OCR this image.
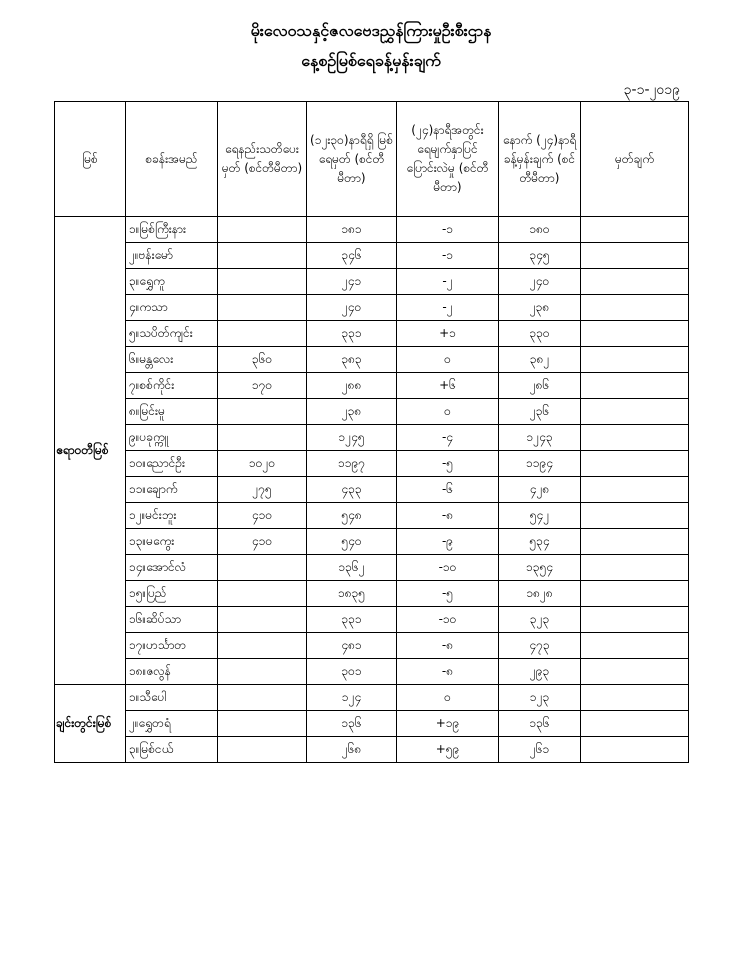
မိုးလေဝသနှင့်ဇလဗေဒညွှန်ကြားမှုဦးစီးဌာန
နေ့စဉ်မြစ်ရေခန့်မှန်းချက်
၃-၁-၂၀၁၉
မြစ်	စခန်းအမည်	ရေနည်းသတိပေးမှတ် (စင်တီမီတာ)	(၁၂း၃၀)နာရီရှိ မြစ်ရေမှတ် (စင်တီမီတာ)	(၂၄)နာရီအတွင်း ရေမျက်နှာပြင် ပြောင်းလဲမှု (စင်တီမီတာ)	နောက် (၂၄)နာရီ ခန့်မှန်းချက် (စင်တီမီတာ)	မှတ်ချက်
ဧရာဝတီမြစ်	၁။မြစ်ကြီးနား		၁၈၁	-၁	၁၈၀	
	၂။ဗန်းမော်		၃၄၆	-၁	၃၄၅	
	၃။ရွှေကူ		၂၄၁	-၂	၂၄၀	
	၄။ကသာ		၂၄၀	-၂	၂၃၈	
	၅။သပိတ်ကျင်း		၃၃၁	+၁	၃၃၀	
	၆။မန္တလေး	၃၆၀	၃၈၃	၀	၃၈၂	
	၇။စစ်ကိုင်း	၁၇၀	၂၈၈	+၆	၂၈၆	
	၈။မြင်းမူ		၂၃၈	၀	၂၃၆	
	၉။ပခုက္ကူ		၁၂၄၅	-၄	၁၂၄၃	
	၁၀။ညောင်ဦး	၁၀၂၀	၁၁၉၇	-၅	၁၁၉၄	
	၁၁။ချောက်	၂၇၅	၄၃၃	-၆	၄၂၈	
	၁၂။မင်းဘူး	၄၁၀	၅၄၈	-၈	၅၄၂	
	၁၃။မကွေး	၄၁၀	၅၄၀	-၉	၅၃၄	
	၁၄။အောင်လံ		၁၃၆၂	-၁၀	၁၃၅၄	
	၁၅။ပြည်		၁၈၃၅	-၅	၁၈၂၈	
	၁၆။ဆိပ်သာ		၃၃၁	-၁၀	၃၂၃	
	၁၇။ဟင်္သာတ		၄၈၁	-၈	၄၇၃	
	၁၈။ဇလွန်		၃၀၁	-၈	၂၉၃	
ချင်းတွင်းမြစ်	၁။သီပေါ		၁၂၄	၀	၁၂၃	
	၂။ရွှေတရံ		၁၃၆	+၁၉	၁၃၆	
	၃။မြစ်ငယ်		၂၆၈	+၅၉	၂၆၁	
